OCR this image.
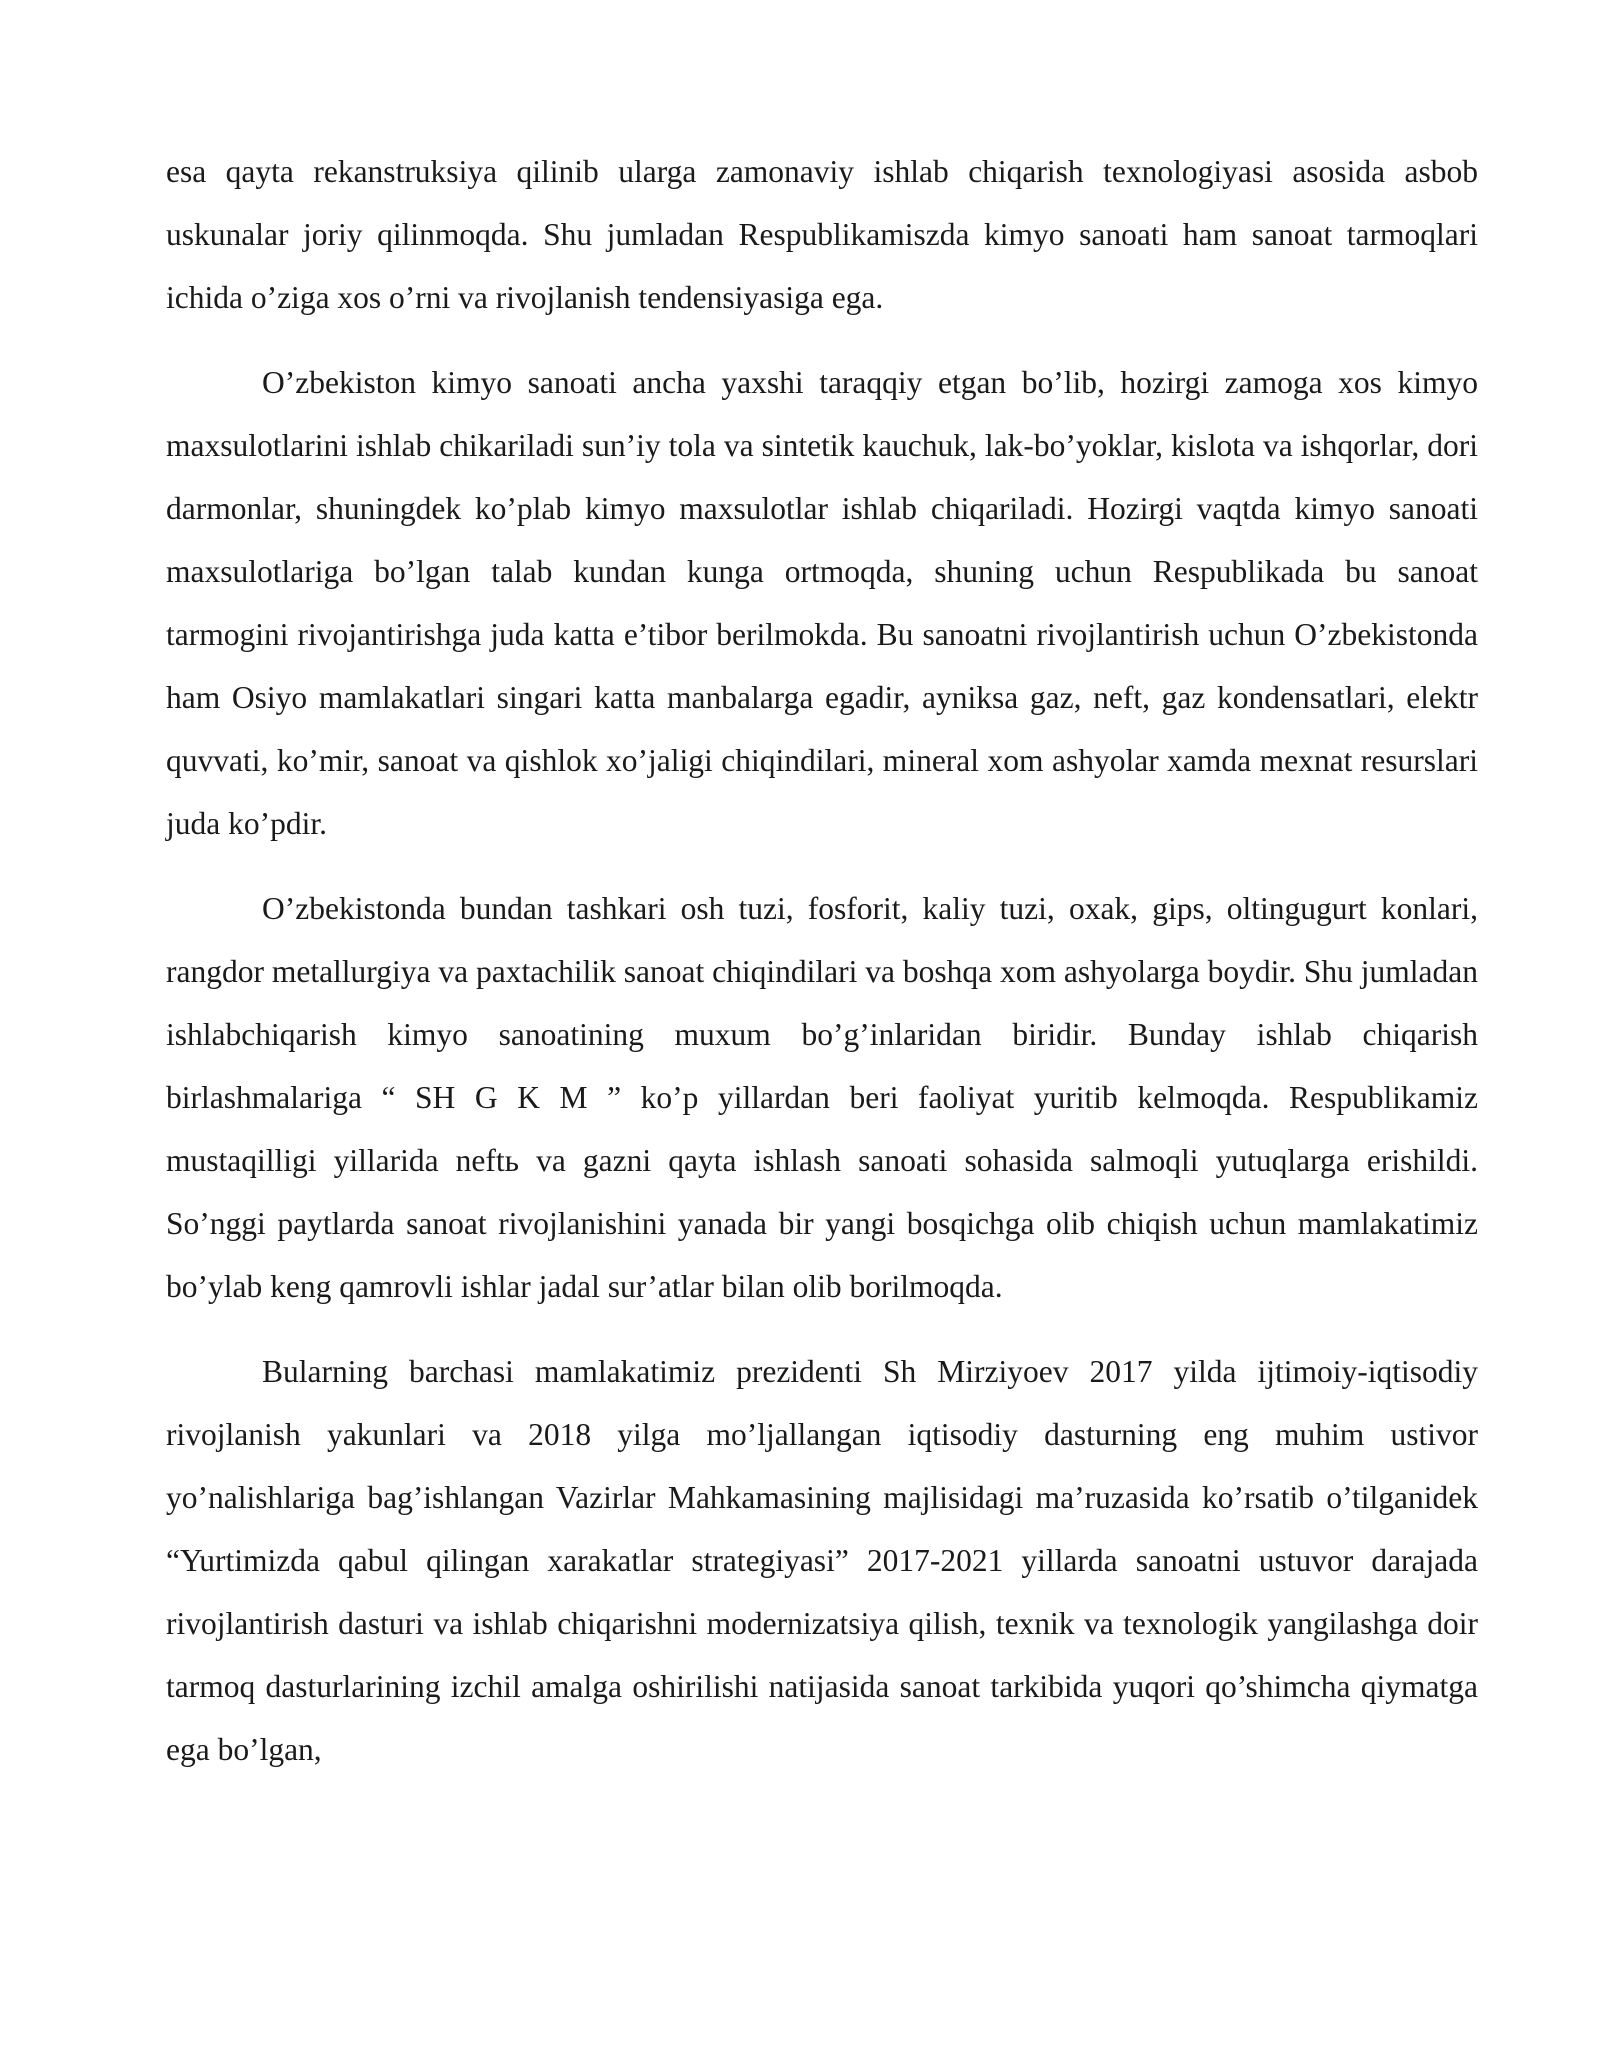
esa qayta rekanstruksiya qilinib ularga zamonaviy ishlab chiqarish texnologiyasi asosida asbob uskunalar joriy qilinmoqda. Shu jumladan Respublikamiszda kimyo sanoati ham sanoat tarmoqlari ichida o’ziga xos o’rni va rivojlanish tendensiyasiga ega.

O’zbekiston kimyo sanoati ancha yaxshi taraqqiy etgan bo’lib, hozirgi zamoga xos kimyo maxsulotlarini ishlab chikariladi sun’iy tola va sintetik kauchuk, lak-bo’yoklar, kislota va ishqorlar, dori darmonlar, shuningdek ko’plab kimyo maxsulotlar ishlab chiqariladi. Hozirgi vaqtda kimyo sanoati maxsulotlariga bo’lgan talab kundan kunga ortmoqda, shuning uchun Respublikada bu sanoat tarmogini rivojantirishga juda katta e’tibor berilmokda. Bu sanoatni rivojlantirish uchun O’zbekistonda ham Osiyo mamlakatlari singari katta manbalarga egadir, ayniksa gaz, neft, gaz kondensatlari, elektr quvvati, ko’mir, sanoat va qishlok xo’jaligi chiqindilari, mineral xom ashyolar xamda mexnat resurslari juda ko’pdir.

O’zbekistonda bundan tashkari osh tuzi, fosforit, kaliy tuzi, oxak, gips, oltingugurt konlari, rangdor metallurgiya va paxtachilik sanoat chiqindilari va boshqa xom ashyolarga boydir. Shu jumladan ishlabchiqarish kimyo sanoatining muxum bo’g’inlaridan biridir. Bunday ishlab chiqarish birlashmalariga “ SH G K M ” ko’p yillardan beri faoliyat yuritib kelmoqda. Respublikamiz mustaqilligi yillarida neftь va gazni qayta ishlash sanoati sohasida salmoqli yutuqlarga erishildi. So’nggi paytlarda sanoat rivojlanishini yanada bir yangi bosqichga olib chiqish uchun mamlakatimiz bo’ylab keng qamrovli ishlar jadal sur’atlar bilan olib borilmoqda.

Bularning barchasi mamlakatimiz prezidenti Sh Mirziyoev 2017 yilda ijtimoiy-iqtisodiy rivojlanish yakunlari va 2018 yilga mo’ljallangan iqtisodiy dasturning eng muhim ustivor yo’nalishlariga bag’ishlangan Vazirlar Mahkamasining majlisidagi ma’ruzasida ko’rsatib o’tilganidek “Yurtimizda qabul qilingan xarakatlar strategiyasi” 2017-2021 yillarda sanoatni ustuvor darajada rivojlantirish dasturi va ishlab chiqarishni modernizatsiya qilish, texnik va texnologik yangilashga doir tarmoq dasturlarining izchil amalga oshirilishi natijasida sanoat tarkibida yuqori qo’shimcha qiymatga ega bo’lgan,
